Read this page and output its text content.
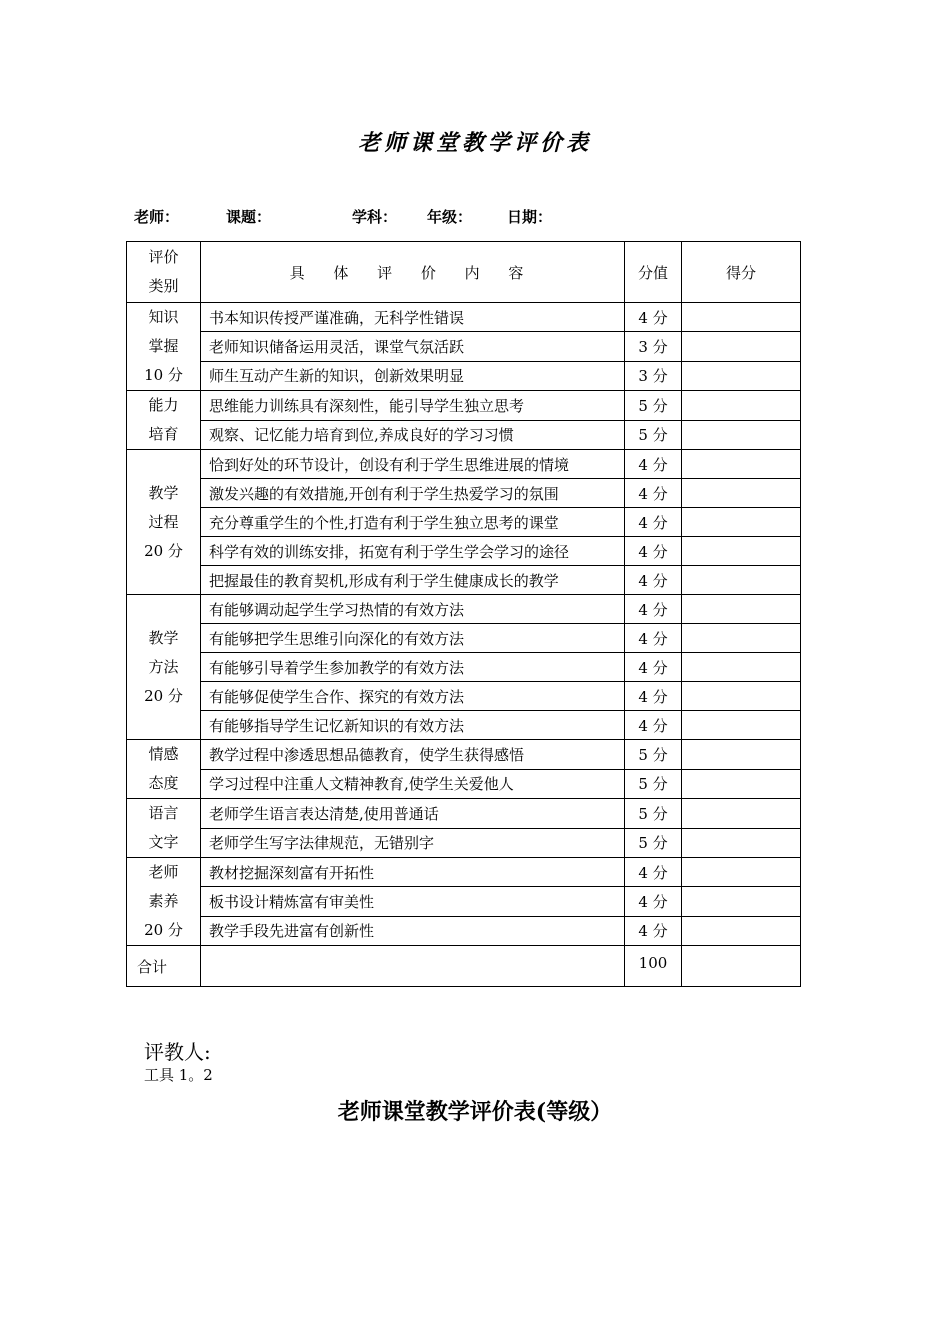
老师课堂教学评价表
老师：	课题：	学科： 年级： 日期：
评价
类别	具 体 评 价 内 容	分值	得分

知识
掌握
10 分	书本知识传授严谨准确，无科学性错误	4 分	
	老师知识储备运用灵活，课堂气氛活跃	3 分	
	师生互动产生新的知识，创新效果明显	3 分	

能力
培育	思维能力训练具有深刻性，能引导学生独立思考	5 分	
	观察、记忆能力培育到位,养成良好的学习习惯	5 分	

教学
过程
20 分	恰到好处的环节设计，创设有利于学生思维进展的情境	4 分	
	激发兴趣的有效措施,开创有利于学生热爱学习的氛围	4 分	
	充分尊重学生的个性,打造有利于学生独立思考的课堂	4 分	
	科学有效的训练安排，拓宽有利于学生学会学习的途径	4 分	
	把握最佳的教育契机,形成有利于学生健康成长的教学	4 分	

教学
方法
20 分	有能够调动起学生学习热情的有效方法	4 分	
	有能够把学生思维引向深化的有效方法	4 分	
	有能够引导着学生参加教学的有效方法	4 分	
	有能够促使学生合作、探究的有效方法	4 分	
	有能够指导学生记忆新知识的有效方法	4 分	

情感
态度	教学过程中渗透思想品德教育，使学生获得感悟	5 分	
	学习过程中注重人文精神教育,使学生关爱他人	5 分	

语言
文字	老师学生语言表达清楚,使用普通话	5 分	
	老师学生写字法律规范，无错别字	5 分	

老师
素养
20 分	教材挖掘深刻富有开拓性	4 分	
	板书设计精炼富有审美性	4 分	
	教学手段先进富有创新性	4 分	
合计		100	
评教人:
工具 1。2
老师课堂教学评价表(等级）
